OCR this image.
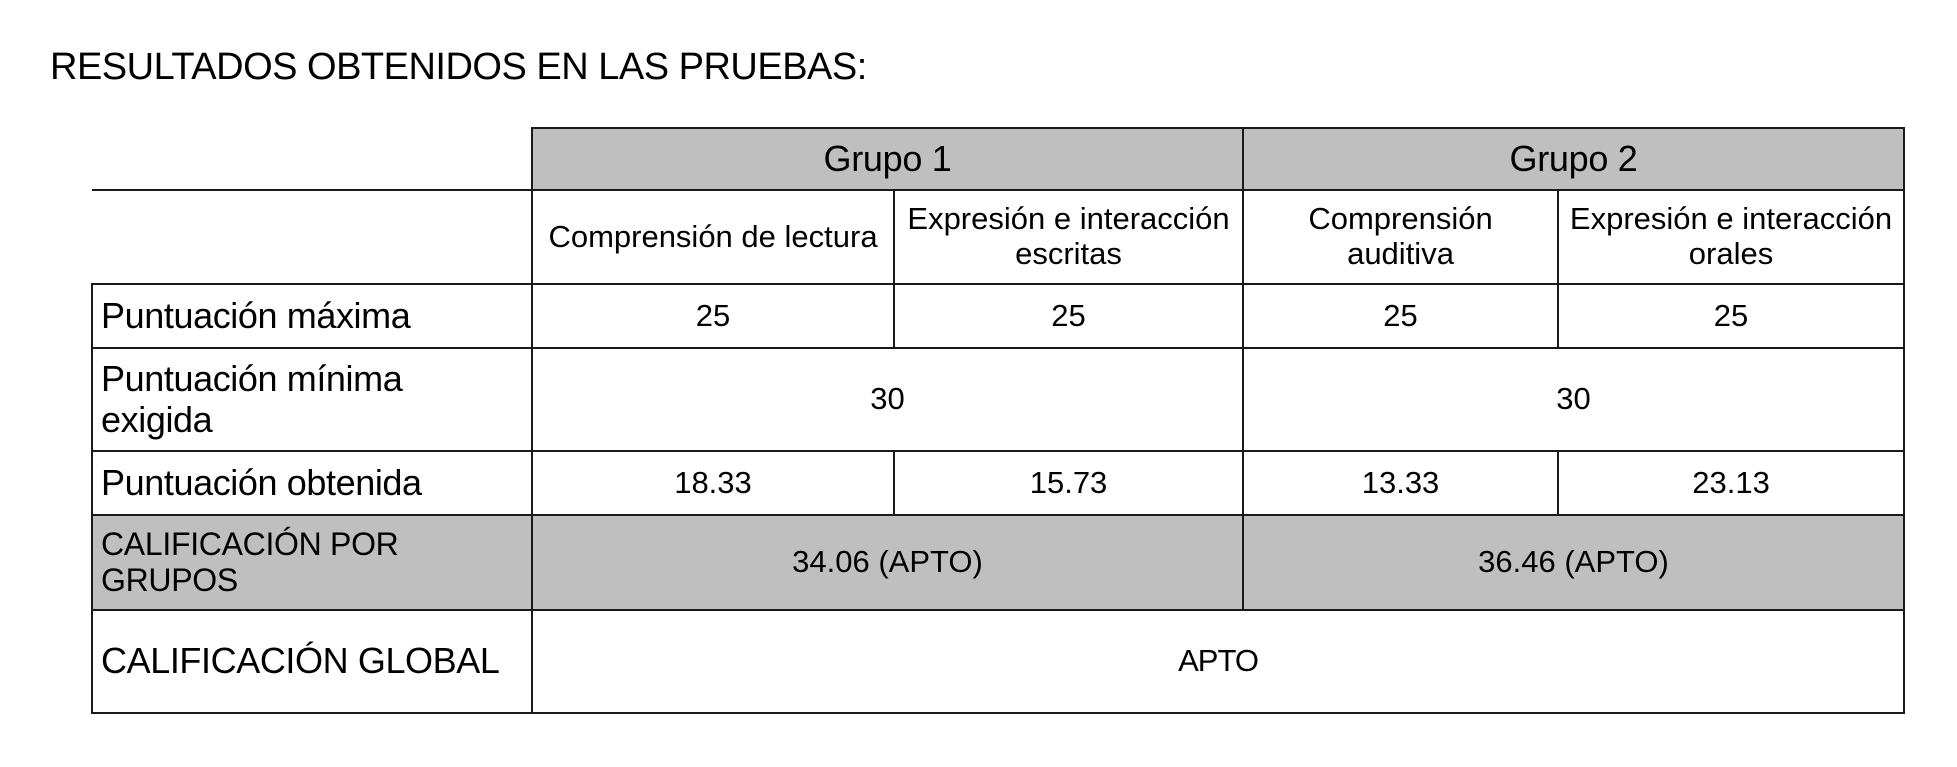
RESULTADOS OBTENIDOS EN LAS PRUEBAS:
	Grupo 1		Grupo 2	
	Comprensión de lectura	Expresión e interacción escritas	Comprensión auditiva	Expresión e interacción orales
Puntuación máxima	25	25	25	25
Puntuación mínima exigida	30		30	
Puntuación obtenida	18.33	15.73	13.33	23.13
CALIFICACIÓN POR GRUPOS	34.06 (APTO)		36.46 (APTO)	
CALIFICACIÓN GLOBAL	APTO			
